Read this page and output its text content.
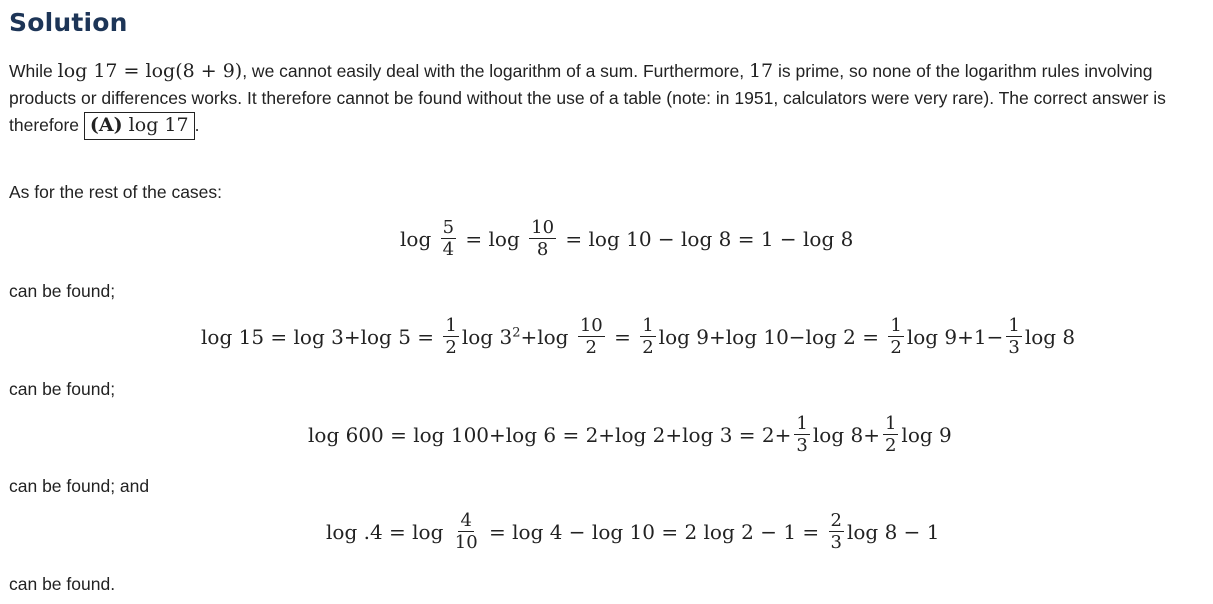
Solution

While log 17 = log(8 + 9), we cannot easily deal with the logarithm of a sum. Furthermore, 17 is prime, so none of the logarithm rules involving products or differences works. It therefore cannot be found without the use of a table (note: in 1951, calculators were very rare). The correct answer is therefore (A) log 17 .

As for the rest of the cases:

$\log \frac{5}{4} = \log \frac{10}{8} = \log 10 - \log 8 = 1 - \log 8$

can be found;

log 15 = log 3+log $5 = \frac{1}{2}$ $\log 3^2 +\log \frac{10}{2} = \frac{1}{2}$ log 9+log 10−log $2 = \frac{1}{2}$ $\log 9+1- \frac{1}{3}$ log 8

can be found;

log 600 = log 100+log 6 = 2+log 2+log $3 = 2+ \frac{1}{3}$ $\log 8+ \frac{1}{2}$ log 9

can be found; and

$\log .4 = \log \frac{4}{10} = \log 4 - \log 10 = 2$ $\log 2 - 1 = \frac{2}{3}$ log 8 − 1

can be found.
